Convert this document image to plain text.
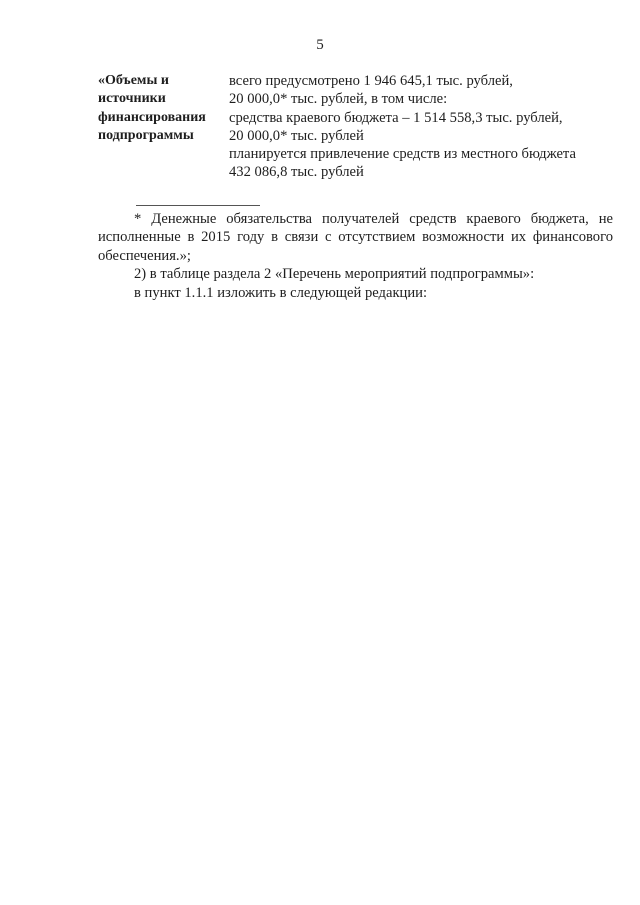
5
«Объемы и
источники
финансирования
подпрограммы
всего предусмотрено 1 946 645,1 тыс. рублей,
20 000,0* тыс. рублей, в том числе:
средства краевого бюджета – 1 514 558,3 тыс. рублей,
20 000,0* тыс. рублей
планируется привлечение средств из местного бюджета
432 086,8 тыс. рублей
* Денежные обязательства получателей средств краевого бюджета, не исполненные в 2015 году в связи с отсутствием возможности их финансового обеспечения.»;
2) в таблице раздела 2 «Перечень мероприятий подпрограммы»:
в пункт 1.1.1 изложить в следующей редакции:
